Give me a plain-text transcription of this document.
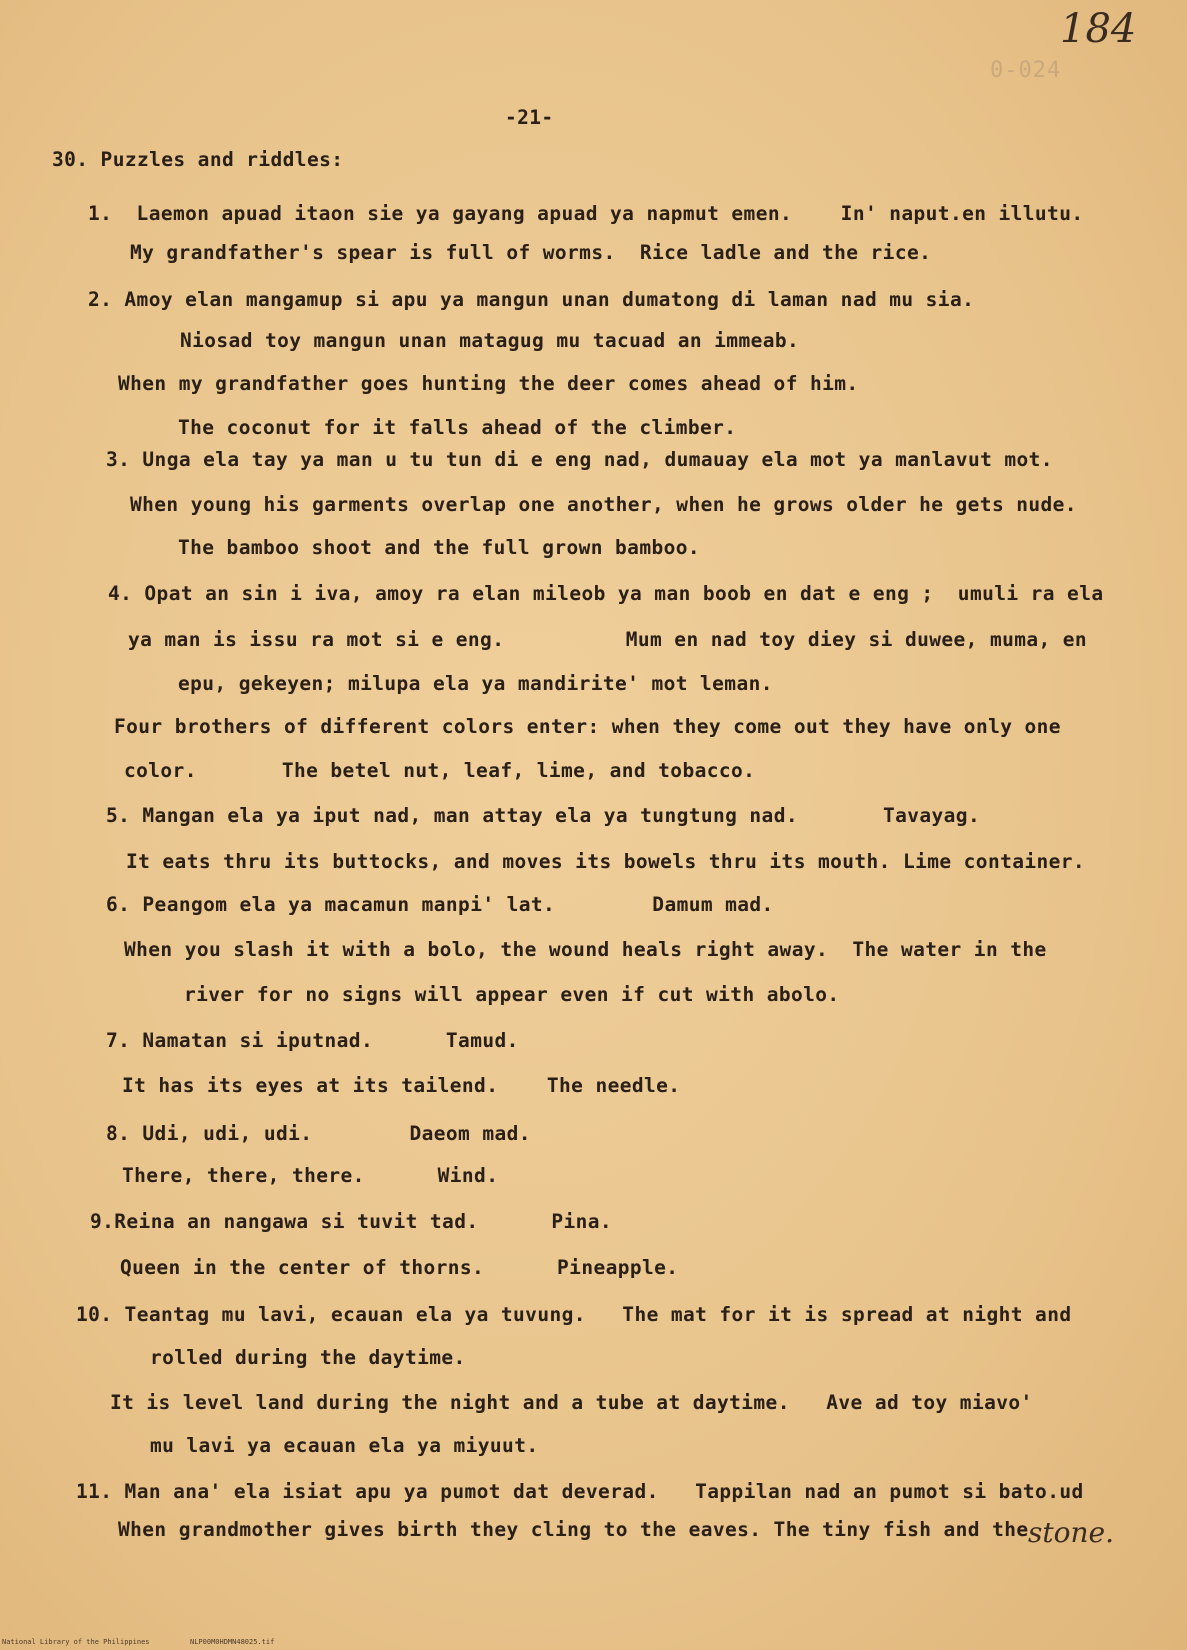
184
0-024
-21-
30. Puzzles and riddles:
1.  Laemon apuad itaon sie ya gayang apuad ya napmut emen.    In' naput.en illutu.
My grandfather's spear is full of worms.  Rice ladle and the rice.
2. Amoy elan mangamup si apu ya mangun unan dumatong di laman nad mu sia.
Niosad toy mangun unan matagug mu tacuad an immeab.
When my grandfather goes hunting the deer comes ahead of him.
The coconut for it falls ahead of the climber.
3. Unga ela tay ya man u tu tun di e eng nad, dumauay ela mot ya manlavut mot.
When young his garments overlap one another, when he grows older he gets nude.
The bamboo shoot and the full grown bamboo.
4. Opat an sin i iva, amoy ra elan mileob ya man boob en dat e eng ;  umuli ra ela
ya man is issu ra mot si e eng.          Mum en nad toy diey si duwee, muma, en
epu, gekeyen; milupa ela ya mandirite' mot leman.
Four brothers of different colors enter: when they come out they have only one
color.       The betel nut, leaf, lime, and tobacco.
5. Mangan ela ya iput nad, man attay ela ya tungtung nad.       Tavayag.
It eats thru its buttocks, and moves its bowels thru its mouth. Lime container.
6. Peangom ela ya macamun manpi' lat.        Damum mad.
When you slash it with a bolo, the wound heals right away.  The water in the
river for no signs will appear even if cut with abolo.
7. Namatan si iputnad.      Tamud.
It has its eyes at its tailend.    The needle.
8. Udi, udi, udi.        Daeom mad.
There, there, there.      Wind.
9.Reina an nangawa si tuvit tad.      Pina.
Queen in the center of thorns.      Pineapple.
10. Teantag mu lavi, ecauan ela ya tuvung.   The mat for it is spread at night and
rolled during the daytime.
It is level land during the night and a tube at daytime.   Ave ad toy miavo'
mu lavi ya ecauan ela ya miyuut.
11. Man ana' ela isiat apu ya pumot dat deverad.   Tappilan nad an pumot si bato.ud
When grandmother gives birth they cling to the eaves. The tiny fish and the stone.
National Library of the Philippines	NLP00M0HDMN48025.tif
